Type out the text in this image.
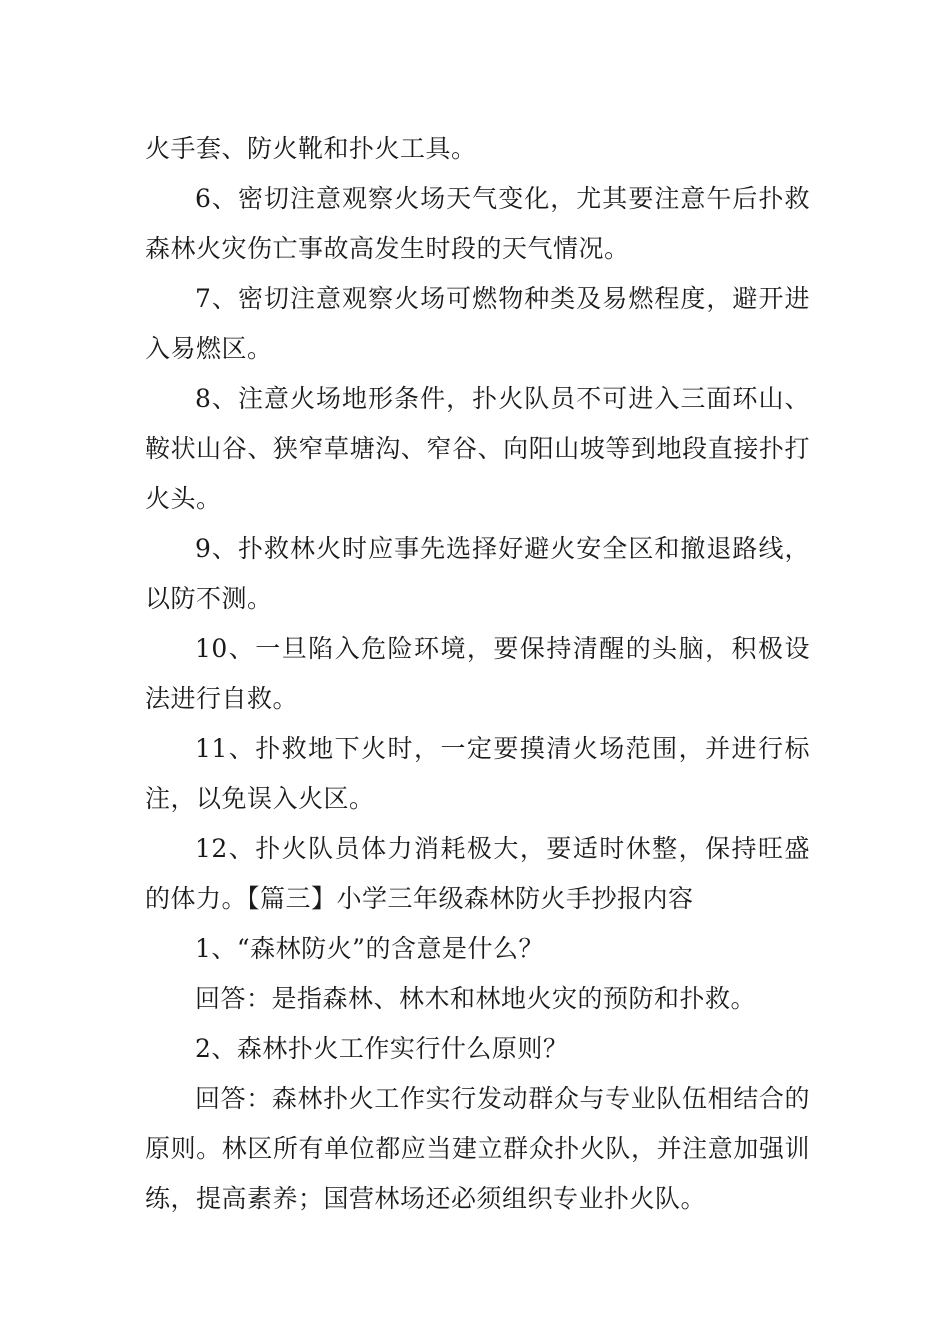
火手套、防火靴和扑火工具。

6、密切注意观察火场天气变化，尤其要注意午后扑救森林火灾伤亡事故高发生时段的天气情况。

7、密切注意观察火场可燃物种类及易燃程度，避开进入易燃区。

8、注意火场地形条件，扑火队员不可进入三面环山、鞍状山谷、狭窄草塘沟、窄谷、向阳山坡等到地段直接扑打火头。

9、扑救林火时应事先选择好避火安全区和撤退路线，以防不测。

10、一旦陷入危险环境，要保持清醒的头脑，积极设法进行自救。

11、扑救地下火时，一定要摸清火场范围，并进行标注，以免误入火区。

12、扑火队员体力消耗极大，要适时休整，保持旺盛的体力。【篇三】小学三年级森林防火手抄报内容

1、“森林防火”的含意是什么？

回答：是指森林、林木和林地火灾的预防和扑救。

2、森林扑火工作实行什么原则？

回答：森林扑火工作实行发动群众与专业队伍相结合的原则。林区所有单位都应当建立群众扑火队，并注意加强训练，提高素养；国营林场还必须组织专业扑火队。
